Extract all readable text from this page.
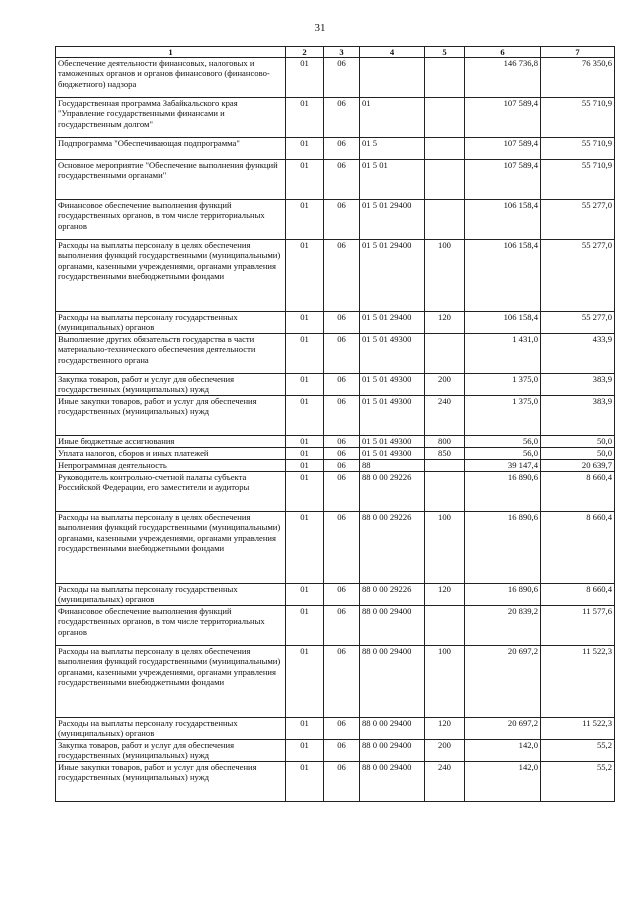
31
1	2	3	4	5	6	7
Обеспечение деятельности финансовых, налоговых и таможенных органов и органов финансового (финансово-бюджетного) надзора	01	06			146 736,8	76 350,6
Государственная программа Забайкальского края "Управление государственными финансами и государственным долгом"	01	06	01		107 589,4	55 710,9
Подпрограмма "Обеспечивающая подпрограмма"	01	06	01 5		107 589,4	55 710,9
Основное мероприятие "Обеспечение выполнения функций государственными органами"	01	06	01 5 01		107 589,4	55 710,9
Финансовое обеспечение выполнения функций государственных органов, в том числе территориальных органов	01	06	01 5 01 29400		106 158,4	55 277,0
Расходы на выплаты персоналу в целях обеспечения выполнения функций государственными (муниципальными) органами, казенными учреждениями, органами управления государственными внебюджетными фондами	01	06	01 5 01 29400	100	106 158,4	55 277,0
Расходы на выплаты персоналу государственных (муниципальных) органов	01	06	01 5 01 29400	120	106 158,4	55 277,0
Выполнение других обязательств государства в части материально-технического обеспечения деятельности государственного органа	01	06	01 5 01 49300		1 431,0	433,9
Закупка товаров, работ и услуг для обеспечения государственных (муниципальных) нужд	01	06	01 5 01 49300	200	1 375,0	383,9
Иные закупки товаров, работ и услуг для обеспечения государственных (муниципальных) нужд	01	06	01 5 01 49300	240	1 375,0	383,9
Иные бюджетные ассигнования	01	06	01 5 01 49300	800	56,0	50,0
Уплата налогов, сборов и иных платежей	01	06	01 5 01 49300	850	56,0	50,0
Непрограммная деятельность	01	06	88		39 147,4	20 639,7
Руководитель контрольно-счетной палаты субъекта Российской Федерации, его заместители и аудиторы	01	06	88 0 00 29226		16 890,6	8 660,4
Расходы на выплаты персоналу в целях обеспечения выполнения функций государственными (муниципальными) органами, казенными учреждениями, органами управления государственными внебюджетными фондами	01	06	88 0 00 29226	100	16 890,6	8 660,4
Расходы на выплаты персоналу государственных (муниципальных) органов	01	06	88 0 00 29226	120	16 890,6	8 660,4
Финансовое обеспечение выполнения функций государственных органов, в том числе территориальных органов	01	06	88 0 00 29400		20 839,2	11 577,6
Расходы на выплаты персоналу в целях обеспечения выполнения функций государственными (муниципальными) органами, казенными учреждениями, органами управления государственными внебюджетными фондами	01	06	88 0 00 29400	100	20 697,2	11 522,3
Расходы на выплаты персоналу государственных (муниципальных) органов	01	06	88 0 00 29400	120	20 697,2	11 522,3
Закупка товаров, работ и услуг для обеспечения государственных (муниципальных) нужд	01	06	88 0 00 29400	200	142,0	55,2
Иные закупки товаров, работ и услуг для обеспечения государственных (муниципальных) нужд	01	06	88 0 00 29400	240	142,0	55,2
